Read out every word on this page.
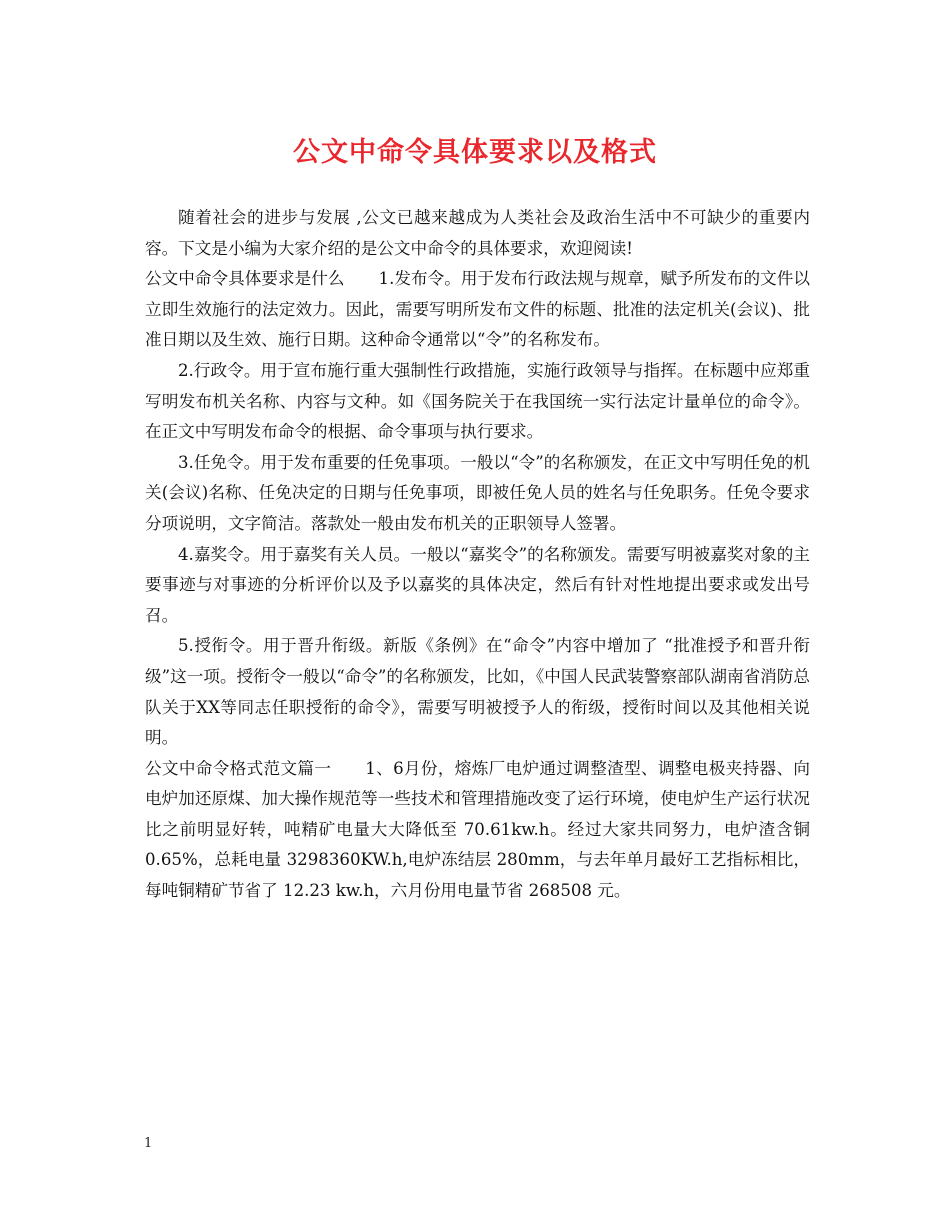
公文中命令具体要求以及格式

随着社会的进步与发展 ,公文已越来越成为人类社会及政治生活中不可缺少的重要内容。下文是小编为大家介绍的是公文中命令的具体要求，欢迎阅读!

公文中命令具体要求是什么 1.发布令。用于发布行政法规与规章，赋予所发布的文件以立即生效施行的法定效力。因此，需要写明所发布文件的标题、批准的法定机关(会议)、批准日期以及生效、施行日期。这种命令通常以“令”的名称发布。

2.行政令。用于宣布施行重大强制性行政措施，实施行政领导与指挥。在标题中应郑重写明发布机关名称、内容与文种。如《国务院关于在我国统一实行法定计量单位的命令》。在正文中写明发布命令的根据、命令事项与执行要求。

3.任免令。用于发布重要的任免事项。一般以“令”的名称颁发，在正文中写明任免的机关(会议)名称、任免决定的日期与任免事项，即被任免人员的姓名与任免职务。任免令要求分项说明，文字简洁。落款处一般由发布机关的正职领导人签署。

4.嘉奖令。用于嘉奖有关人员。一般以“嘉奖令”的名称颁发。需要写明被嘉奖对象的主要事迹与对事迹的分析评价以及予以嘉奖的具体决定，然后有针对性地提出要求或发出号召。

5.授衔令。用于晋升衔级。新版《条例》在“命令”内容中增加了 “批准授予和晋升衔级”这一项。授衔令一般以“命令”的名称颁发，比如，《中国人民武装警察部队湖南省消防总队关于XX等同志任职授衔的命令》，需要写明被授予人的衔级，授衔时间以及其他相关说明。

公文中命令格式范文篇一 1、6月份，熔炼厂电炉通过调整渣型、调整电极夹持器、向电炉加还原煤、加大操作规范等一些技术和管理措施改变了运行环境，使电炉生产运行状况比之前明显好转，吨精矿电量大大降低至 70.61kw.h。经过大家共同努力，电炉渣含铜 0.65%，总耗电量 3298360KW.h,电炉冻结层 280mm，与去年单月最好工艺指标相比，每吨铜精矿节省了 12.23 kw.h，六月份用电量节省 268508 元。

1
